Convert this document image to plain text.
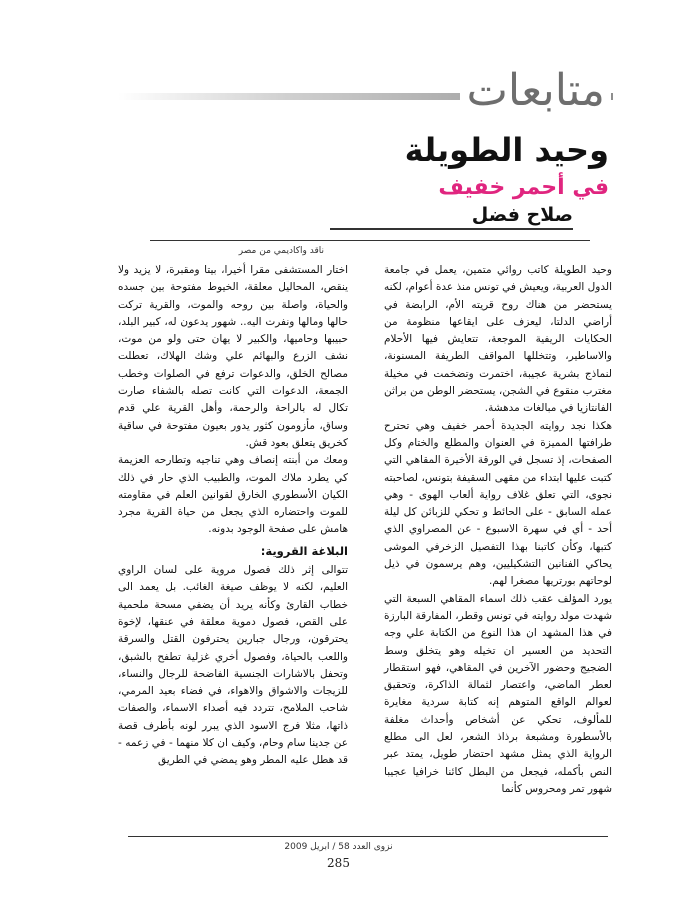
متابعات
وحيد الطويلة
في أحمر خفيف
صلاح فضل
ناقد واكاديمي من مصر

وحيد الطويلة كاتب روائي متمين، يعمل في جامعة الدول العربية، ويعيش في تونس منذ عدة أعوام، لكنه يستحضر من هناك روح قريته الأم، الرابضة في أراضي الدلتا، ليعزف على ايقاعها منظومة من الحكايات الريفية الموجعة، تتعايش فيها الأحلام والاساطير، وتتخللها المواقف الطريفة المسنونة، لنماذج بشرية عجيبة، اختمرت وتضخمت في مخيلة مغترب منقوع في الشجن، يستحضر الوطن من براثن الفانتازيا في مبالغات مدهشة.

هكذا نجد روايته الجديدة أحمر خفيف وهي تحترح طرافتها المميزة في العنوان والمطلع والختام وكل الصفحات، إذ تسجل في الورقة الأخيرة المقاهي التي كتبت عليها ابتداء من مقهى السقيفة بتونس، لصاحبته نجوى، التي تعلق غلاف رواية ألعاب الهوى - وهي عمله السابق - على الحائط و تحكي للزبائن كل ليلة أحد - أي في سهرة الاسبوع - عن المصراوي الذي كتبها، وكأن كاتبنا بهذا التفصيل الزخرفي الموشى يحاكي الفنانين التشكيليين، وهم يرسمون في ذيل لوحاتهم بورتريها مصغرا لهم.

يورد المؤلف عقب ذلك اسماء المقاهي السبعة التي شهدت مولد روايته في تونس وقطر، المفارقة البارزة في هذا المشهد ان هذا النوع من الكتابة علي وجه التحديد من العسير ان تخيله وهو يتخلق وسط الضجيج وحضور الآخرين في المقاهي، فهو استقطار لعطر الماضي، واعتصار لثمالة الذاكرة، وتحقيق لعوالم الواقع المتوهم إنه كتابة سردية مغايرة للمألوف، تحكي عن أشخاص وأحداث مغلفة بالأسطورة ومشبعة برذاذ الشعر، لعل الى مطلع الرواية الذي يمثل مشهد احتضار طويل، يمتد عبر النص بأكمله، فيجعل من البطل كائنا خرافيا عجيبا شهور تمر ومحروس كأنما

اختار المستشفى مقرا أخيرا، بيتا ومقبرة، لا يزيد ولا ينقص، المحاليل معلقة، الخيوط مفتوحة بين جسده والحياة، واصلة بين روحه والموت، والقرية تركت حالها ومالها ونفرت اليه.. شهور يدعون له، كبير البلد، حبيبها وحاميها، والكبير لا يهان حتى ولو من موت، نشف الزرع والبهائم علي وشك الهلاك، تعطلت مصالح الخلق، والدعوات ترفع في الصلوات وخطب الجمعة، الدعوات التي كانت تصله بالشفاء صارت تكال له بالراحة والرحمة، وأهل القرية علي قدم وساق، مأزومون كثور يدور بعيون مفتوحة في ساقية كخريق يتعلق بعود قش.

ومعك من أبنته إنصاف وهي تناجيه وتطارحه العزيمة كي يطرد ملاك الموت، والطبيب الذي حار في ذلك الكيان الأسطوري الخارق لقوانين العلم في مقاومته للموت واحتضاره الذي يجعل من حياة القرية مجرد هامش على صفحة الوجود بدونه.

البلاغة القروية:

تتوالى إثر ذلك فصول مروية على لسان الراوي العليم، لكنه لا يوظف صيغة الغائب. بل يعمد الى خطاب القارئ وكأنه يريد أن يضفي مسحة ملحمية على القص، فصول دموية معلقة في عنقها، لإخوة يحترقون، ورجال جبارين يحترفون القتل والسرقة واللعب بالحياة، وفصول أخري غزلية تطفح بالشبق، وتحفل بالاشارات الجنسية الفاضحة للرجال والنساء، للزيجات والاشواق والاهواء، في فضاء بعيد المرمي، شاحب الملامح، تتردد فيه أصداء الاسماء، والصفات ذاتها، مثلا فرج الاسود الذي يبرر لونه بأطرف قصة عن جدينا سام وحام، وكيف ان كلا منهما - في زعمه - قد هطل عليه المطر وهو يمضي في الطريق

نزوى العدد 58 / ابريل 2009
285
